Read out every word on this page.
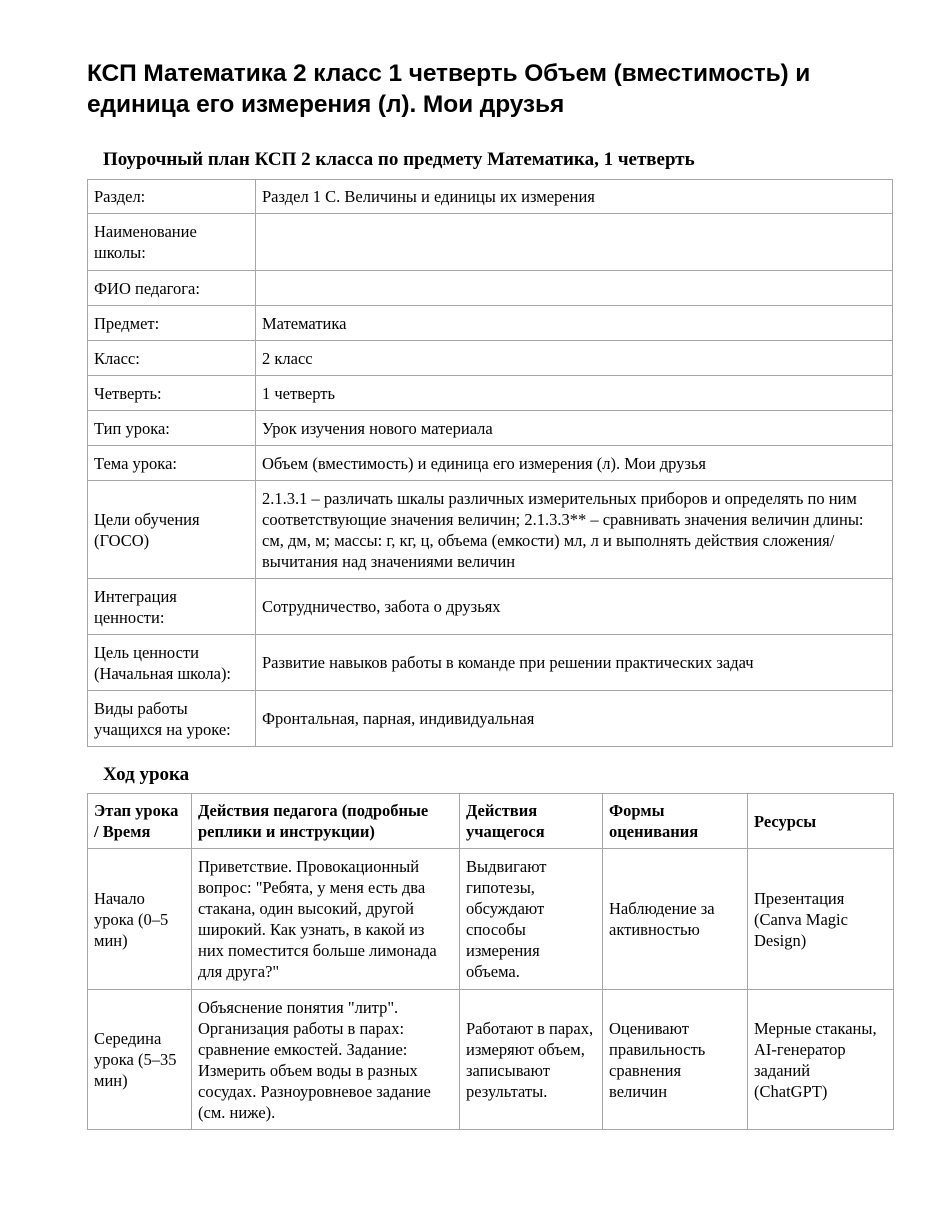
КСП Математика 2 класс 1 четверть Объем (вместимость) и единица его измерения (л). Мои друзья
Поурочный план КСП 2 класса по предмету Математика, 1 четверть
Раздел:	Раздел 1 С. Величины и единицы их измерения
Наименование школы:	
ФИО педагога:	
Предмет:	Математика
Класс:	2 класс
Четверть:	1 четверть
Тип урока:	Урок изучения нового материала
Тема урока:	Объем (вместимость) и единица его измерения (л). Мои друзья
Цели обучения (ГОСО)	2.1.3.1 – различать шкалы различных измерительных приборов и определять по ним соответствующие значения величин; 2.1.3.3** – сравнивать значения величин длины: см, дм, м; массы: г, кг, ц, объема (емкости) мл, л и выполнять действия сложения/вычитания над значениями величин
Интеграция ценности:	Сотрудничество, забота о друзьях
Цель ценности (Начальная школа):	Развитие навыков работы в команде при решении практических задач
Виды работы учащихся на уроке:	Фронтальная, парная, индивидуальная
Ход урока
Этап урока / Время	Действия педагога (подробные реплики и инструкции)	Действия учащегося	Формы оценивания	Ресурсы
Начало урока (0–5 мин)	Приветствие. Провокационный вопрос: "Ребята, у меня есть два стакана, один высокий, другой широкий. Как узнать, в какой из них поместится больше лимонада для друга?"	Выдвигают гипотезы, обсуждают способы измерения объема.	Наблюдение за активностью	Презентация (Canva Magic Design)
Середина урока (5–35 мин)	Объяснение понятия "литр". Организация работы в парах: сравнение емкостей. Задание: Измерить объем воды в разных сосудах. Разноуровневое задание (см. ниже).	Работают в парах, измеряют объем, записывают результаты.	Оценивают правильность сравнения величин	Мерные стаканы, AI-генератор заданий (ChatGPT)
